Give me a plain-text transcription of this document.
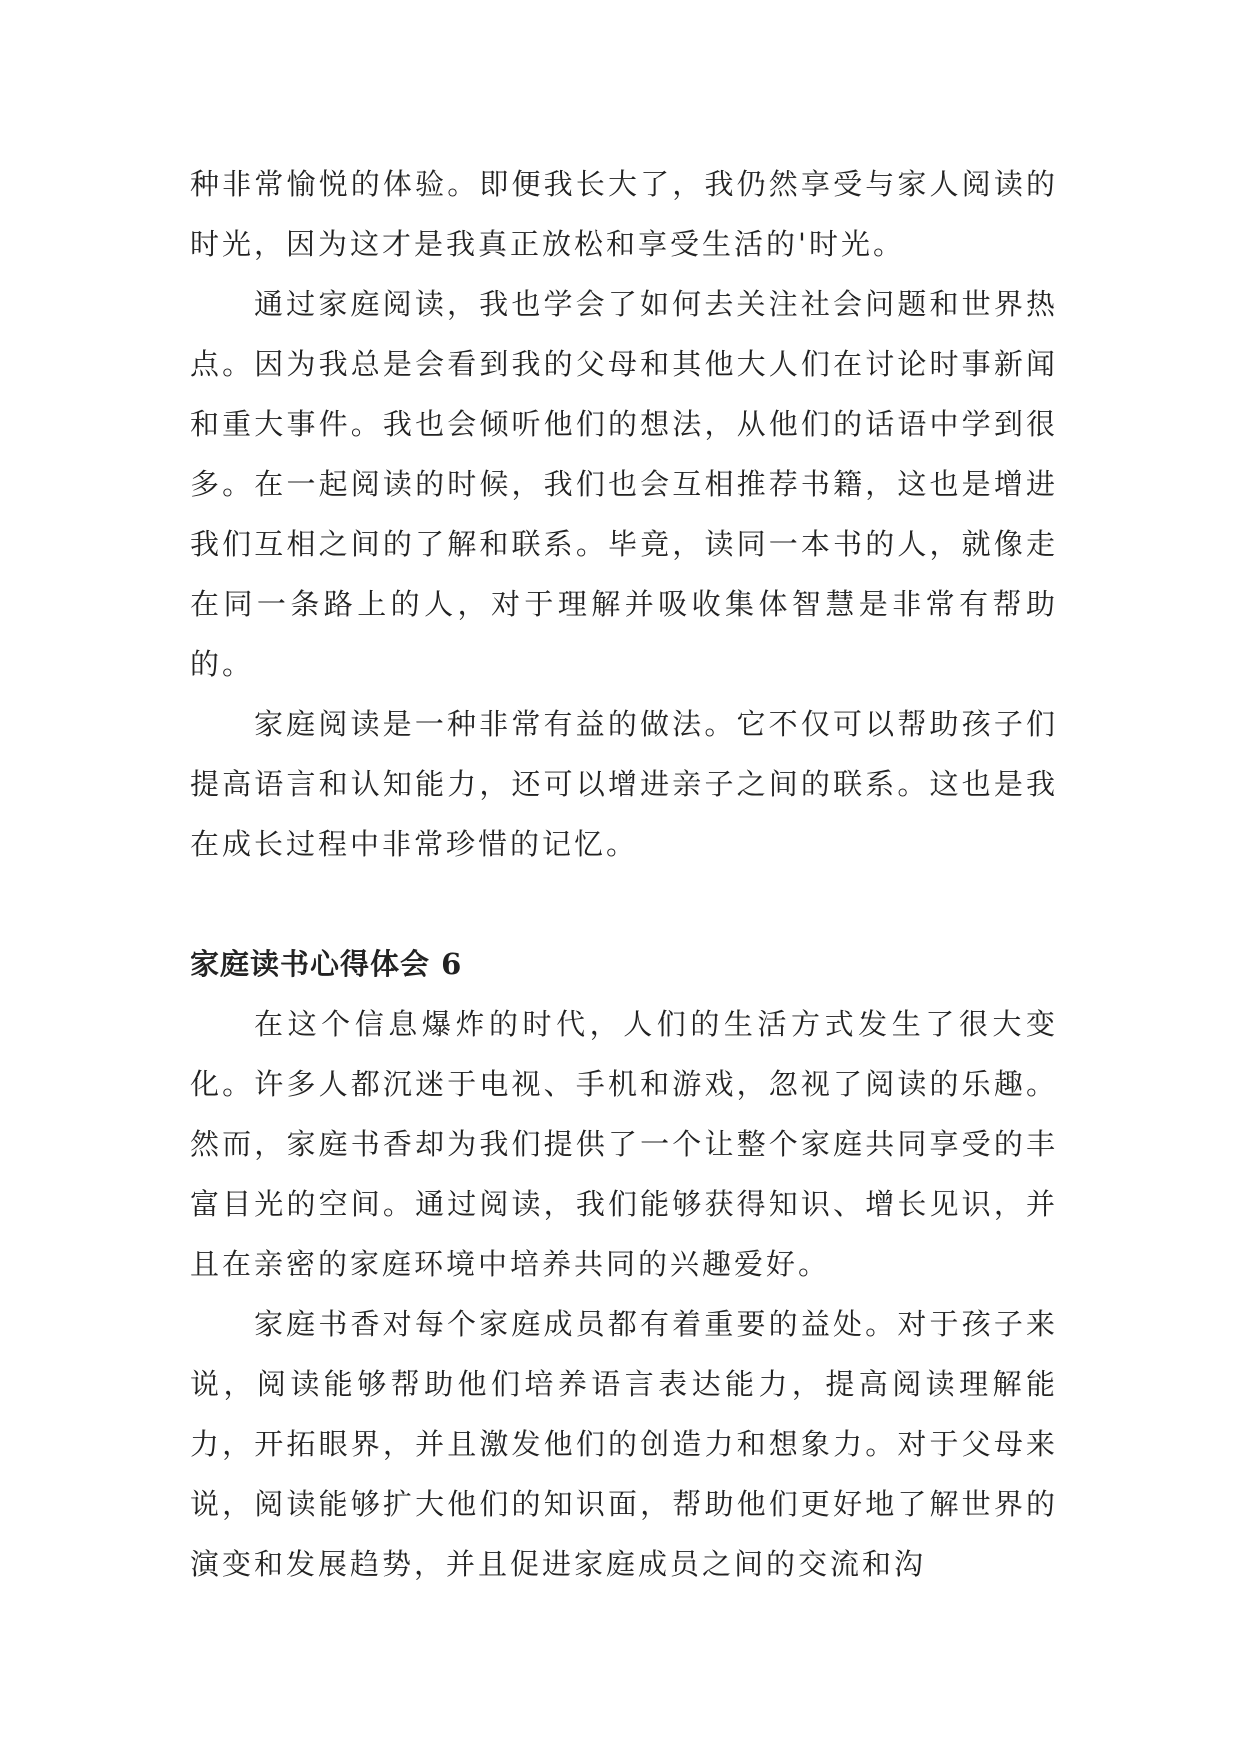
种非常愉悦的体验。即便我长大了，我仍然享受与家人阅读的时光，因为这才是我真正放松和享受生活的'时光。

通过家庭阅读，我也学会了如何去关注社会问题和世界热点。因为我总是会看到我的父母和其他大人们在讨论时事新闻和重大事件。我也会倾听他们的想法，从他们的话语中学到很多。在一起阅读的时候，我们也会互相推荐书籍，这也是增进我们互相之间的了解和联系。毕竟，读同一本书的人，就像走在同一条路上的人，对于理解并吸收集体智慧是非常有帮助的。

家庭阅读是一种非常有益的做法。它不仅可以帮助孩子们提高语言和认知能力，还可以增进亲子之间的联系。这也是我在成长过程中非常珍惜的记忆。

家庭读书心得体会 6

在这个信息爆炸的时代，人们的生活方式发生了很大变化。许多人都沉迷于电视、手机和游戏，忽视了阅读的乐趣。然而，家庭书香却为我们提供了一个让整个家庭共同享受的丰富目光的空间。通过阅读，我们能够获得知识、增长见识，并且在亲密的家庭环境中培养共同的兴趣爱好。

家庭书香对每个家庭成员都有着重要的益处。对于孩子来说，阅读能够帮助他们培养语言表达能力，提高阅读理解能力，开拓眼界，并且激发他们的创造力和想象力。对于父母来说，阅读能够扩大他们的知识面，帮助他们更好地了解世界的演变和发展趋势，并且促进家庭成员之间的交流和沟
